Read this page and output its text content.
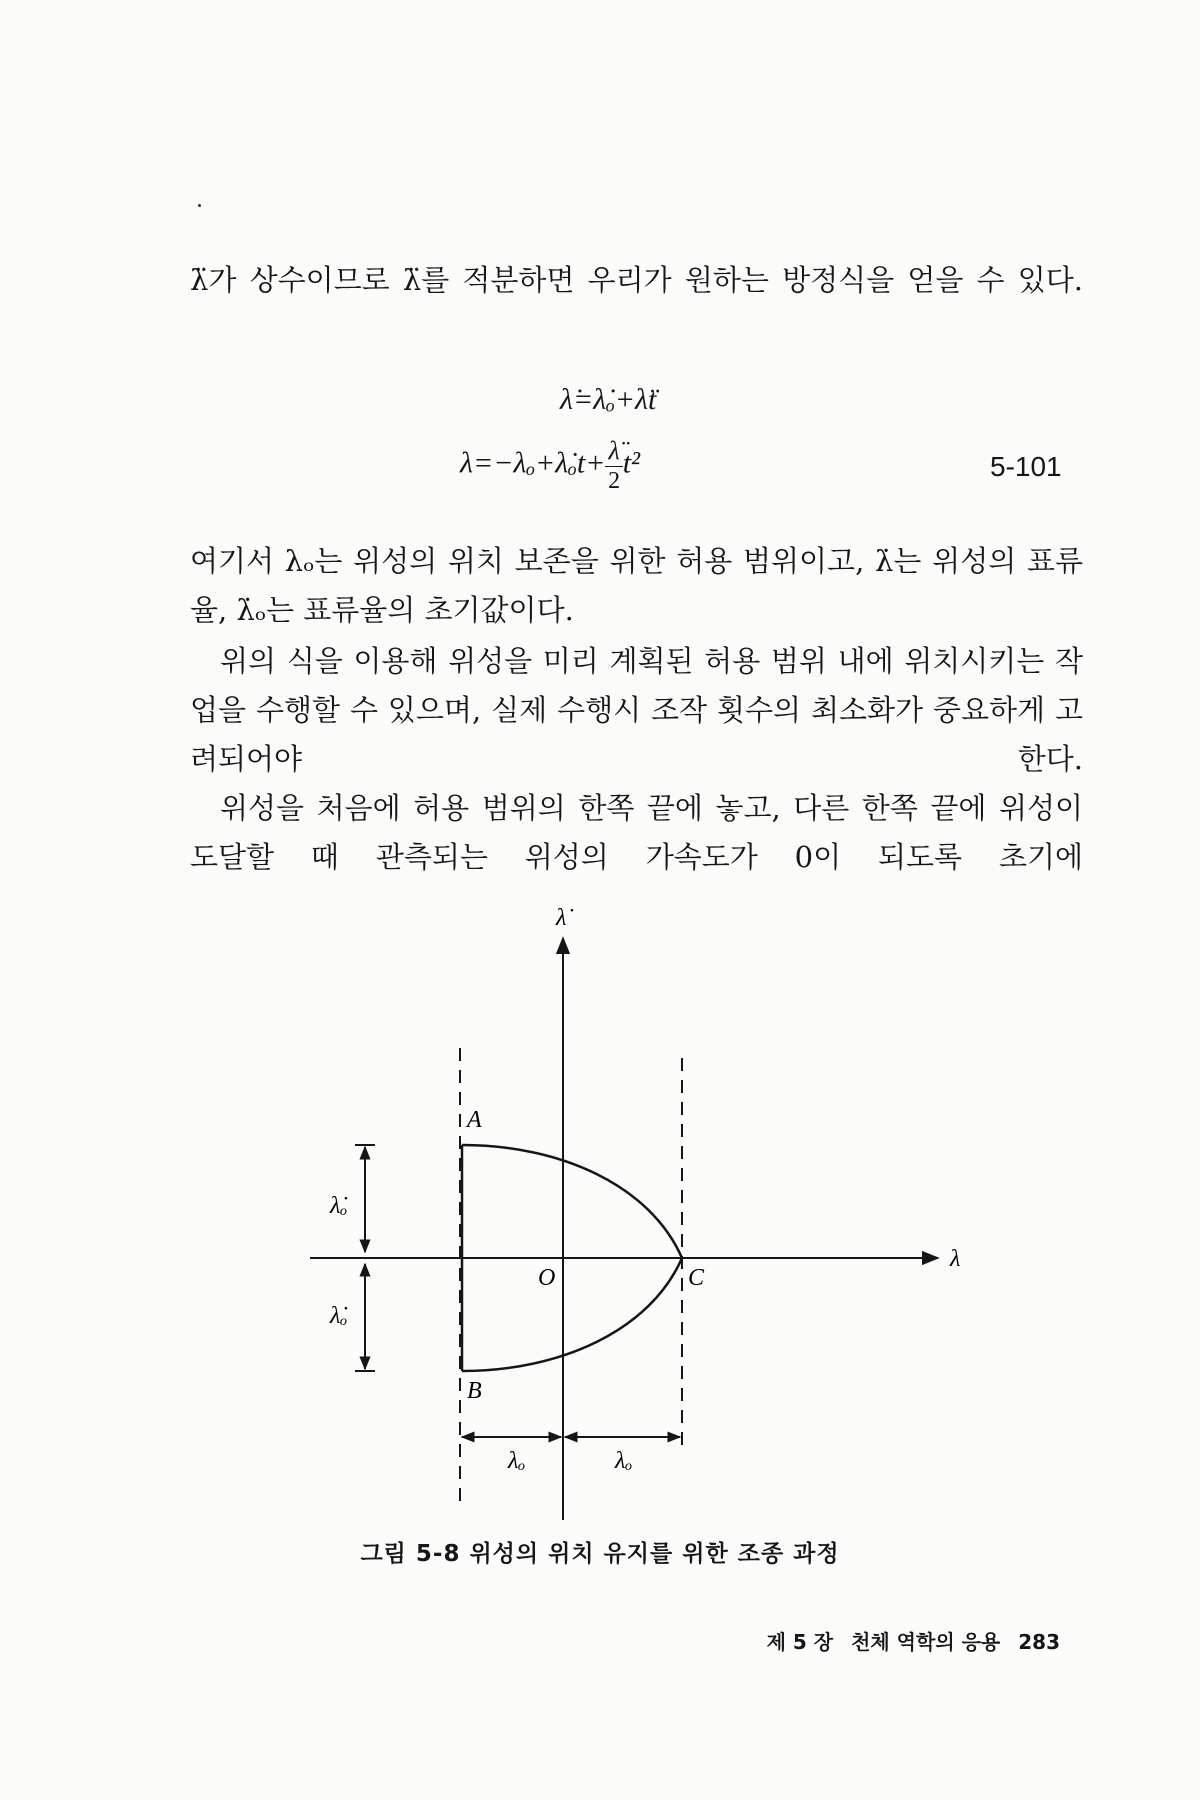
λ̈가 상수이므로 λ̈를 적분하면 우리가 원하는 방정식을 얻을 수 있다.

λ̇=λ̇ₒ+λ̈t
λ=−λₒ+λ̇ₒt+ $\frac{\lambdä}{2} t^2$	5-101

여기서 λₒ는 위성의 위치 보존을 위한 허용 범위이고, λ̇는 위성의 표류율, λ̇ₒ는 표류율의 초기값이다.

위의 식을 이용해 위성을 미리 계획된 허용 범위 내에 위치시키는 작업을 수행할 수 있으며, 실제 수행시 조작 횟수의 최소화가 중요하게 고려되어야 한다.

위성을 처음에 허용 범위의 한쪽 끝에 놓고, 다른 한쪽 끝에 위성이 도달할 때 관측되는 위성의 가속도가 0이 되도록 초기에

λ̇
λ
A
B
C
O
λ̇ₒ
λ̇ₒ
λₒ	λₒ
그림 5-8 위성의 위치 유지를 위한 조종 과정
제 5 장 천체 역학의 응용 283
